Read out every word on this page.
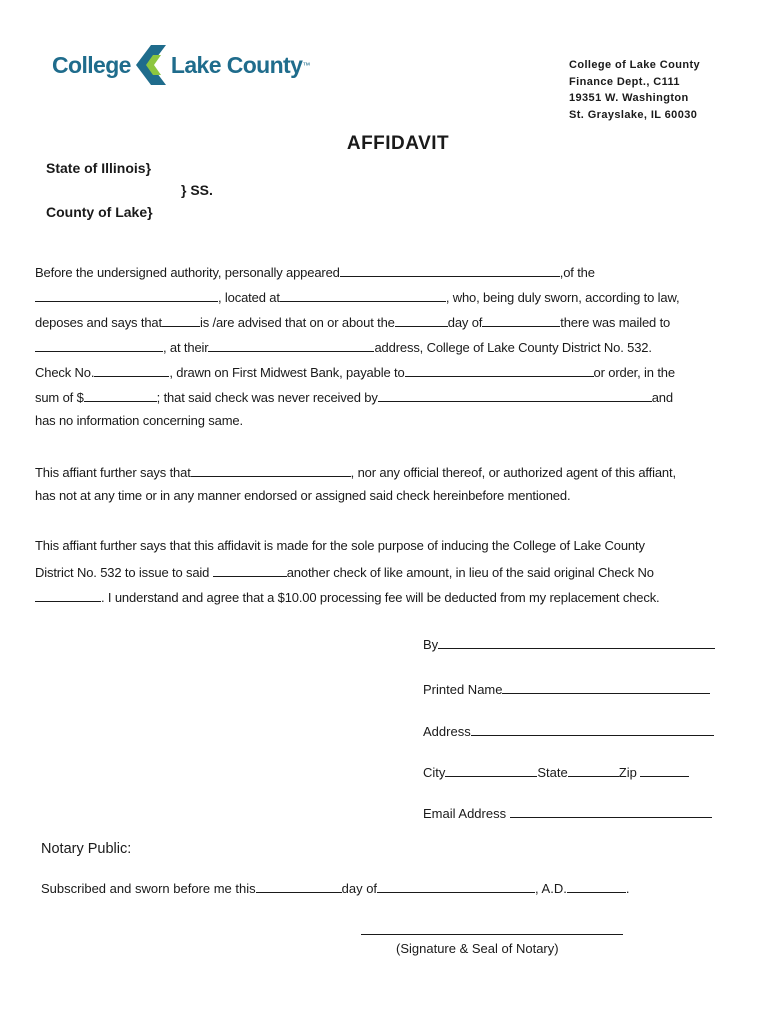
College Lake County ™	College of Lake County
Finance Dept., C111
19351 W. Washington
St. Grayslake, IL 60030
AFFIDAVIT
State of Illinois}
} SS.
County of Lake}
Before the undersigned authority, personally appeared	,of the
, located at	, who, being duly sworn, according to law,
deposes and says that	is /are advised that on or about the	day of	there was mailed to
, at their	address, College of Lake County District No. 532.
Check No.	, drawn on First Midwest Bank, payable to	or order, in the
sum of $	; that said check was never received by	and
has no information concerning same.
This affiant further says that	, nor any official thereof, or authorized agent of this affiant,
has not at any time or in any manner endorsed or assigned said check hereinbefore mentioned.
This affiant further says that this affidavit is made for the sole purpose of inducing the College of Lake County
District No. 532 to issue to said	another check of like amount, in lieu of the said original Check No
. I understand and agree that a $10.00 processing fee will be deducted from my replacement check.
By
Printed Name
Address
City	State	Zip
Email Address
Notary Public:
Subscribed and sworn before me this	day of	, A.D.	.
(Signature & Seal of Notary)
